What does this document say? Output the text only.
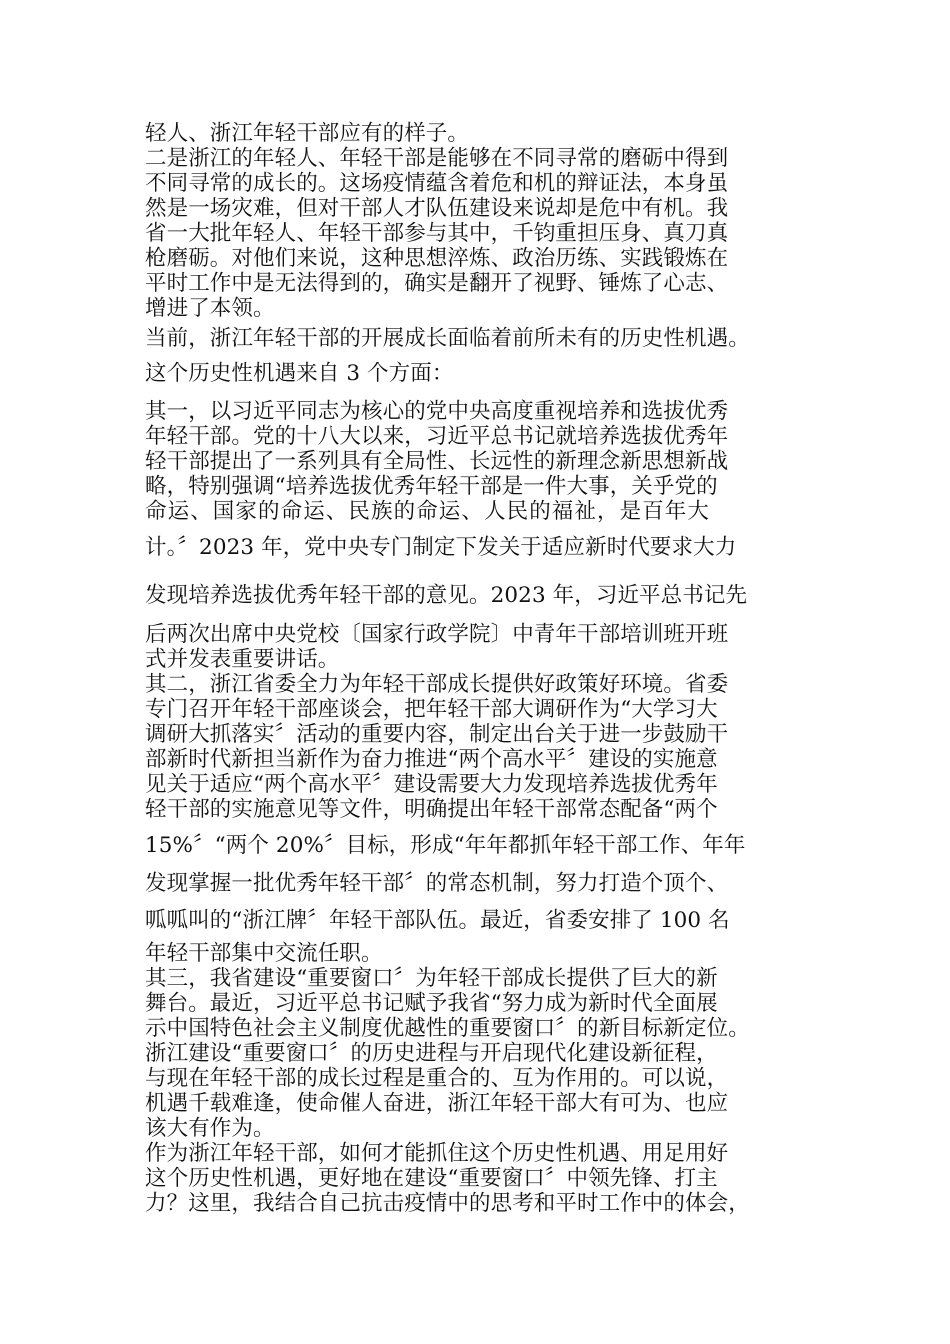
轻人、浙江年轻干部应有的样子。

二是浙江的年轻人、年轻干部是能够在不同寻常的磨砺中得到

不同寻常的成长的。这场疫情蕴含着危和机的辩证法，本身虽

然是一场灾难，但对干部人才队伍建设来说却是危中有机。我

省一大批年轻人、年轻干部参与其中，千钧重担压身、真刀真

枪磨砺。对他们来说，这种思想淬炼、政治历练、实践锻炼在

平时工作中是无法得到的，确实是翻开了视野、锤炼了心志、

增进了本领。

当前，浙江年轻干部的开展成长面临着前所未有的历史性机遇。

这个历史性机遇来自 3 个方面：

其一，以习近平同志为核心的党中央高度重视培养和选拔优秀

年轻干部。党的十八大以来，习近平总书记就培养选拔优秀年

轻干部提出了一系列具有全局性、长远性的新理念新思想新战

略，特别强调“培养选拔优秀年轻干部是一件大事，关乎党的

命运、国家的命运、民族的命运、人民的福祉，是百年大

计。〞2023 年，党中央专门制定下发关于适应新时代要求大力

发现培养选拔优秀年轻干部的意见。2023 年，习近平总书记先

后两次出席中央党校〔国家行政学院〕中青年干部培训班开班

式并发表重要讲话。

其二，浙江省委全力为年轻干部成长提供好政策好环境。省委

专门召开年轻干部座谈会，把年轻干部大调研作为“大学习大

调研大抓落实〞活动的重要内容，制定出台关于进一步鼓励干

部新时代新担当新作为奋力推进“两个高水平〞建设的实施意

见关于适应“两个高水平〞建设需要大力发现培养选拔优秀年

轻干部的实施意见等文件，明确提出年轻干部常态配备“两个

15%〞“两个 20%〞目标，形成“年年都抓年轻干部工作、年年

发现掌握一批优秀年轻干部〞的常态机制，努力打造个顶个、

呱呱叫的“浙江牌〞年轻干部队伍。最近，省委安排了 100 名

年轻干部集中交流任职。

其三，我省建设“重要窗口〞为年轻干部成长提供了巨大的新

舞台。最近，习近平总书记赋予我省“努力成为新时代全面展

示中国特色社会主义制度优越性的重要窗口〞的新目标新定位。

浙江建设“重要窗口〞的历史进程与开启现代化建设新征程，

与现在年轻干部的成长过程是重合的、互为作用的。可以说，

机遇千载难逢，使命催人奋进，浙江年轻干部大有可为、也应

该大有作为。

作为浙江年轻干部，如何才能抓住这个历史性机遇、用足用好

这个历史性机遇，更好地在建设“重要窗口〞中领先锋、打主

力？这里，我结合自己抗击疫情中的思考和平时工作中的体会，
